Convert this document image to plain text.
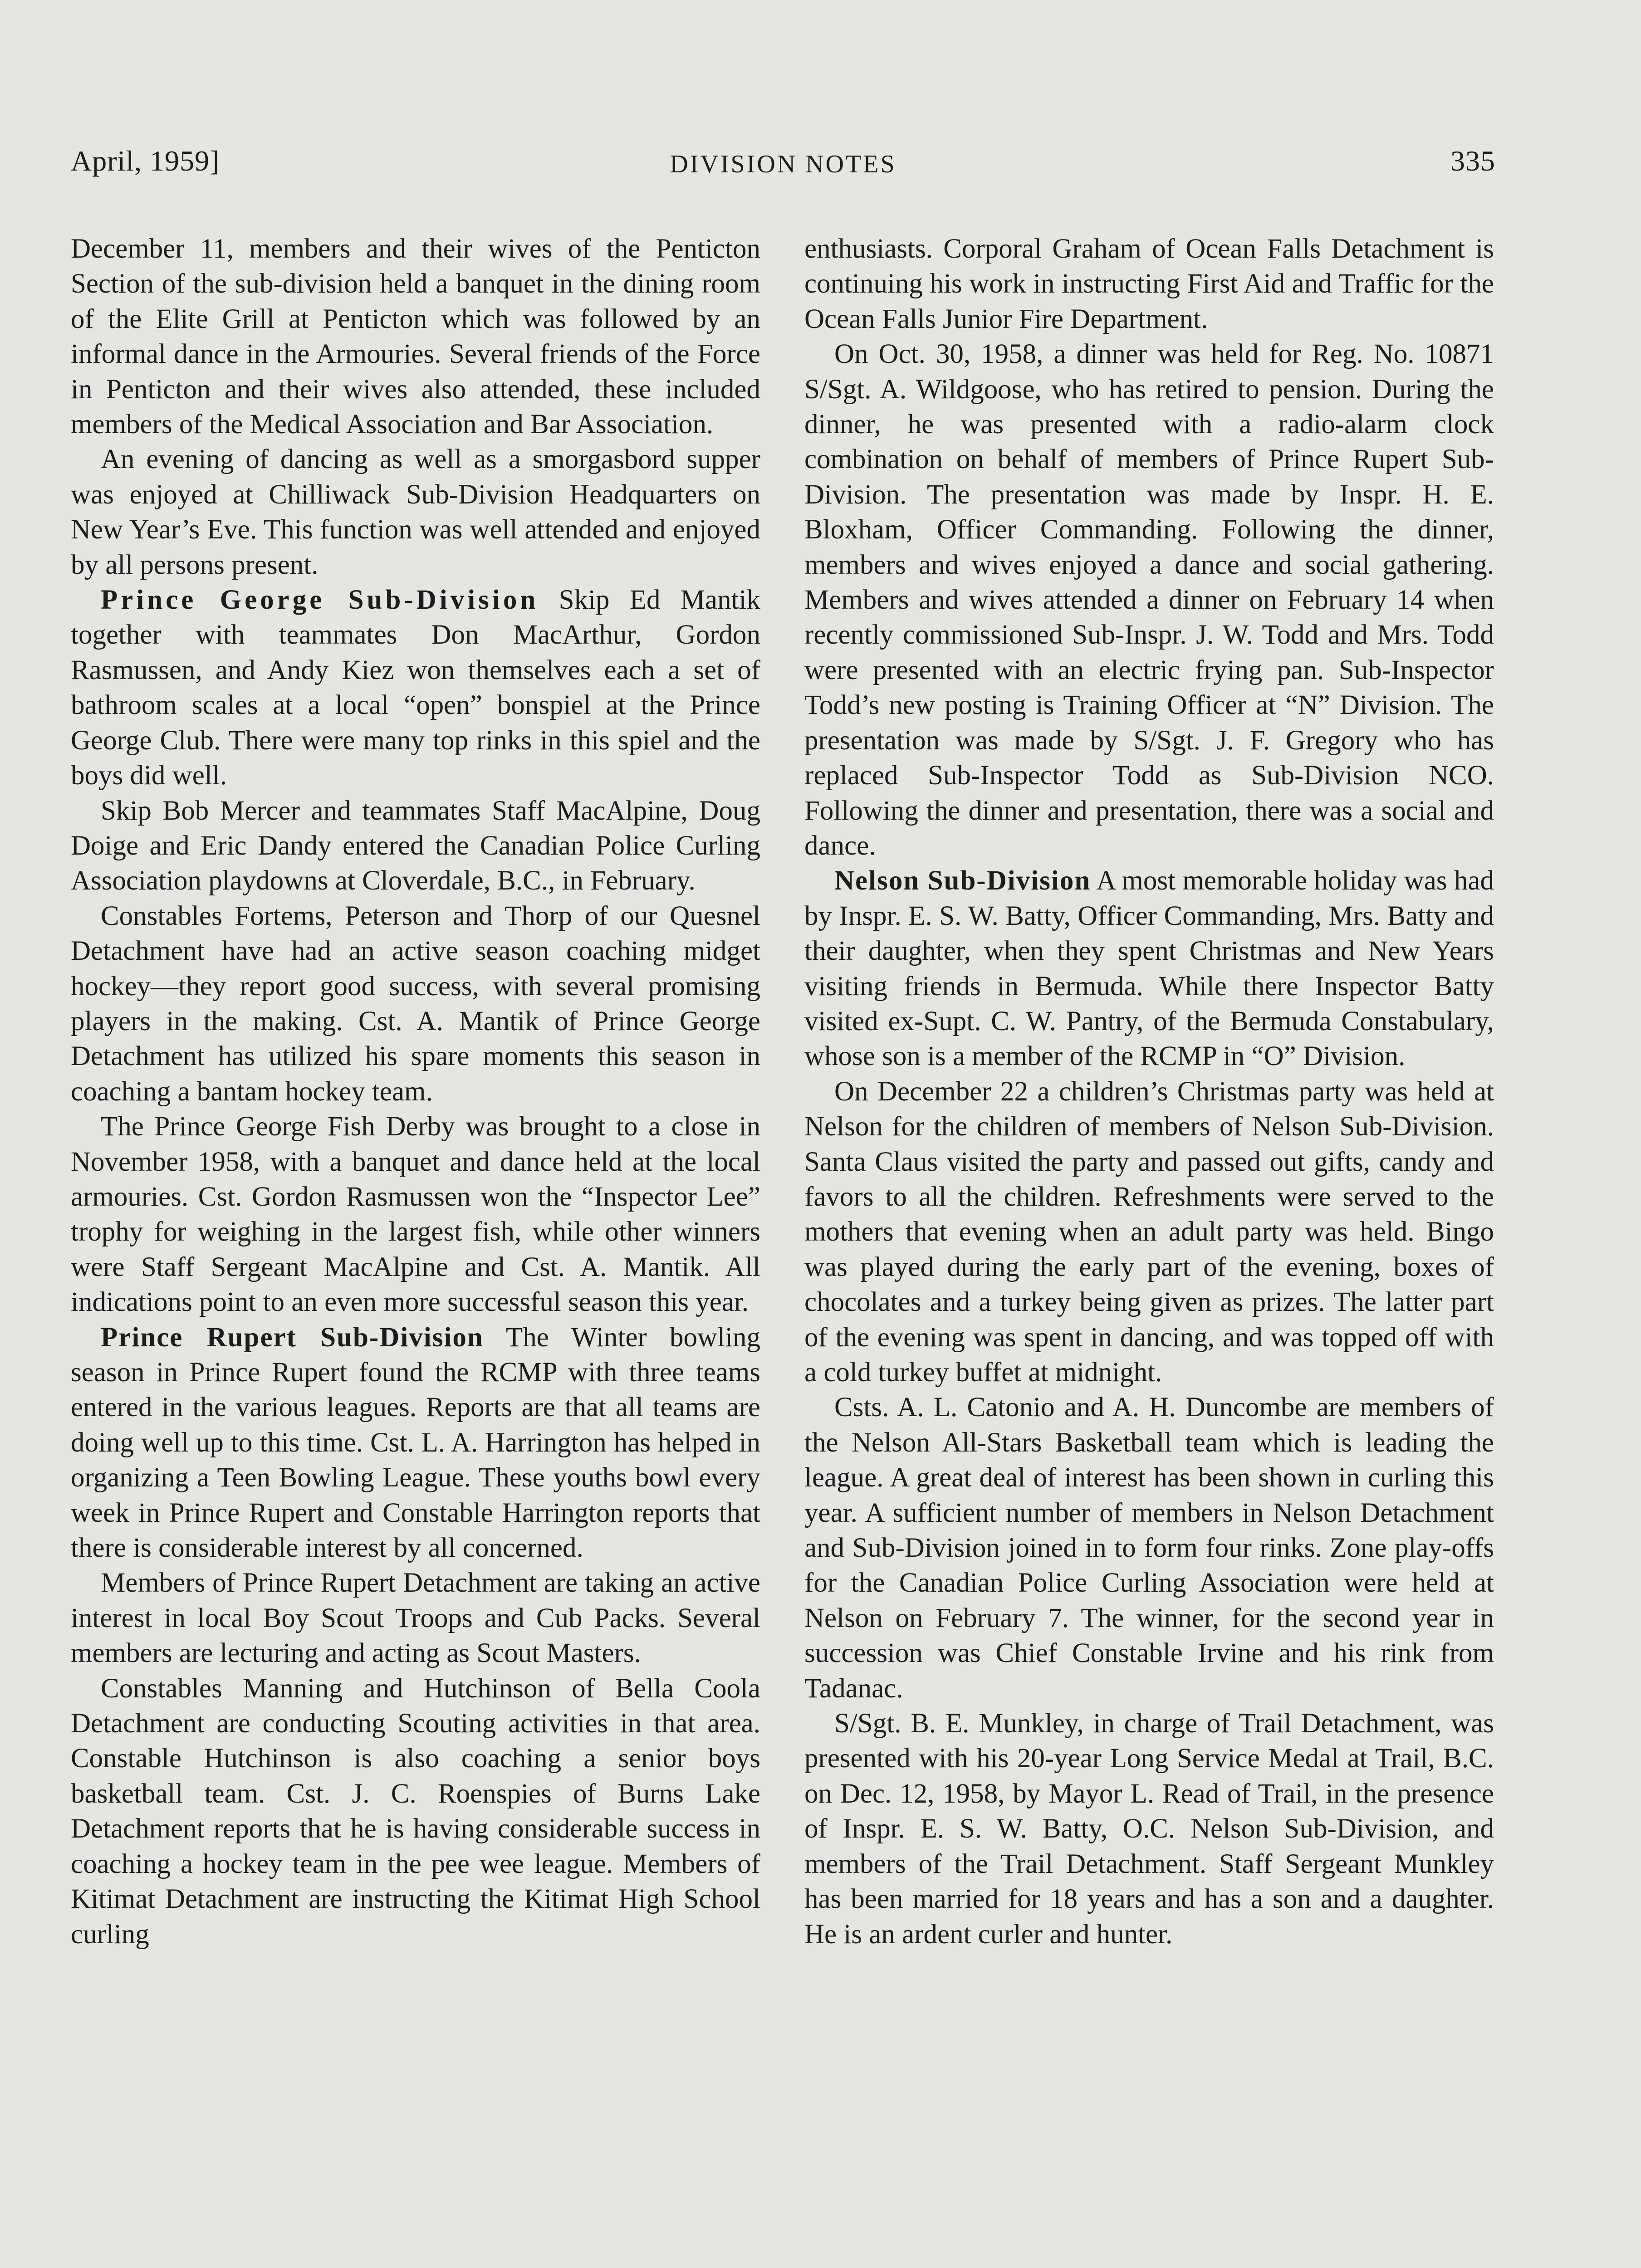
April, 1959]	DIVISION NOTES	335

December 11, members and their wives of the Penticton Section of the sub-division held a banquet in the dining room of the Elite Grill at Penticton which was followed by an informal dance in the Armouries. Several friends of the Force in Penticton and their wives also attended, these included members of the Medical Association and Bar Association.

An evening of dancing as well as a smorgasbord supper was enjoyed at Chilliwack Sub-Division Headquarters on New Year’s Eve. This function was well attended and enjoyed by all persons present.

Prince George Sub-Division Skip Ed Mantik together with teammates Don MacArthur, Gordon Rasmussen, and Andy Kiez won themselves each a set of bathroom scales at a local “open” bonspiel at the Prince George Club. There were many top rinks in this spiel and the boys did well.

Skip Bob Mercer and teammates Staff MacAlpine, Doug Doige and Eric Dandy entered the Canadian Police Curling Association playdowns at Cloverdale, B.C., in February.

Constables Fortems, Peterson and Thorp of our Quesnel Detachment have had an active season coaching midget hockey—they report good success, with several promising players in the making. Cst. A. Mantik of Prince George Detachment has utilized his spare moments this season in coaching a bantam hockey team.

The Prince George Fish Derby was brought to a close in November 1958, with a banquet and dance held at the local armouries. Cst. Gordon Rasmussen won the “Inspector Lee” trophy for weighing in the largest fish, while other winners were Staff Sergeant MacAlpine and Cst. A. Mantik. All indications point to an even more successful season this year.

Prince Rupert Sub-Division The Winter bowling season in Prince Rupert found the RCMP with three teams entered in the various leagues. Reports are that all teams are doing well up to this time. Cst. L. A. Harrington has helped in organizing a Teen Bowling League. These youths bowl every week in Prince Rupert and Constable Harrington reports that there is considerable interest by all concerned.

Members of Prince Rupert Detachment are taking an active interest in local Boy Scout Troops and Cub Packs. Several members are lecturing and acting as Scout Masters.

Constables Manning and Hutchinson of Bella Coola Detachment are conducting Scouting activities in that area. Constable Hutchinson is also coaching a senior boys basketball team. Cst. J. C. Roenspies of Burns Lake Detachment reports that he is having considerable success in coaching a hockey team in the pee wee league. Members of Kitimat Detachment are instructing the Kitimat High School curling

enthusiasts. Corporal Graham of Ocean Falls Detachment is continuing his work in instructing First Aid and Traffic for the Ocean Falls Junior Fire Department.

On Oct. 30, 1958, a dinner was held for Reg. No. 10871 S/Sgt. A. Wildgoose, who has retired to pension. During the dinner, he was presented with a radio-alarm clock combination on behalf of members of Prince Rupert Sub-Division. The presentation was made by Inspr. H. E. Bloxham, Officer Commanding. Following the dinner, members and wives enjoyed a dance and social gathering. Members and wives attended a dinner on February 14 when recently commissioned Sub-Inspr. J. W. Todd and Mrs. Todd were presented with an electric frying pan. Sub-Inspector Todd’s new posting is Training Officer at “N” Division. The presentation was made by S/Sgt. J. F. Gregory who has replaced Sub-Inspector Todd as Sub-Division NCO. Following the dinner and presentation, there was a social and dance.

Nelson Sub-Division A most memorable holiday was had by Inspr. E. S. W. Batty, Officer Commanding, Mrs. Batty and their daughter, when they spent Christmas and New Years visiting friends in Bermuda. While there Inspector Batty visited ex-Supt. C. W. Pantry, of the Bermuda Constabulary, whose son is a member of the RCMP in “O” Division.

On December 22 a children’s Christmas party was held at Nelson for the children of members of Nelson Sub-Division. Santa Claus visited the party and passed out gifts, candy and favors to all the children. Refreshments were served to the mothers that evening when an adult party was held. Bingo was played during the early part of the evening, boxes of chocolates and a turkey being given as prizes. The latter part of the evening was spent in dancing, and was topped off with a cold turkey buffet at midnight.

Csts. A. L. Catonio and A. H. Duncombe are members of the Nelson All-Stars Basketball team which is leading the league. A great deal of interest has been shown in curling this year. A sufficient number of members in Nelson Detachment and Sub-Division joined in to form four rinks. Zone play-offs for the Canadian Police Curling Association were held at Nelson on February 7. The winner, for the second year in succession was Chief Constable Irvine and his rink from Tadanac.

S/Sgt. B. E. Munkley, in charge of Trail Detachment, was presented with his 20-year Long Service Medal at Trail, B.C. on Dec. 12, 1958, by Mayor L. Read of Trail, in the presence of Inspr. E. S. W. Batty, O.C. Nelson Sub-Division, and members of the Trail Detachment. Staff Sergeant Munkley has been married for 18 years and has a son and a daughter. He is an ardent curler and hunter.
